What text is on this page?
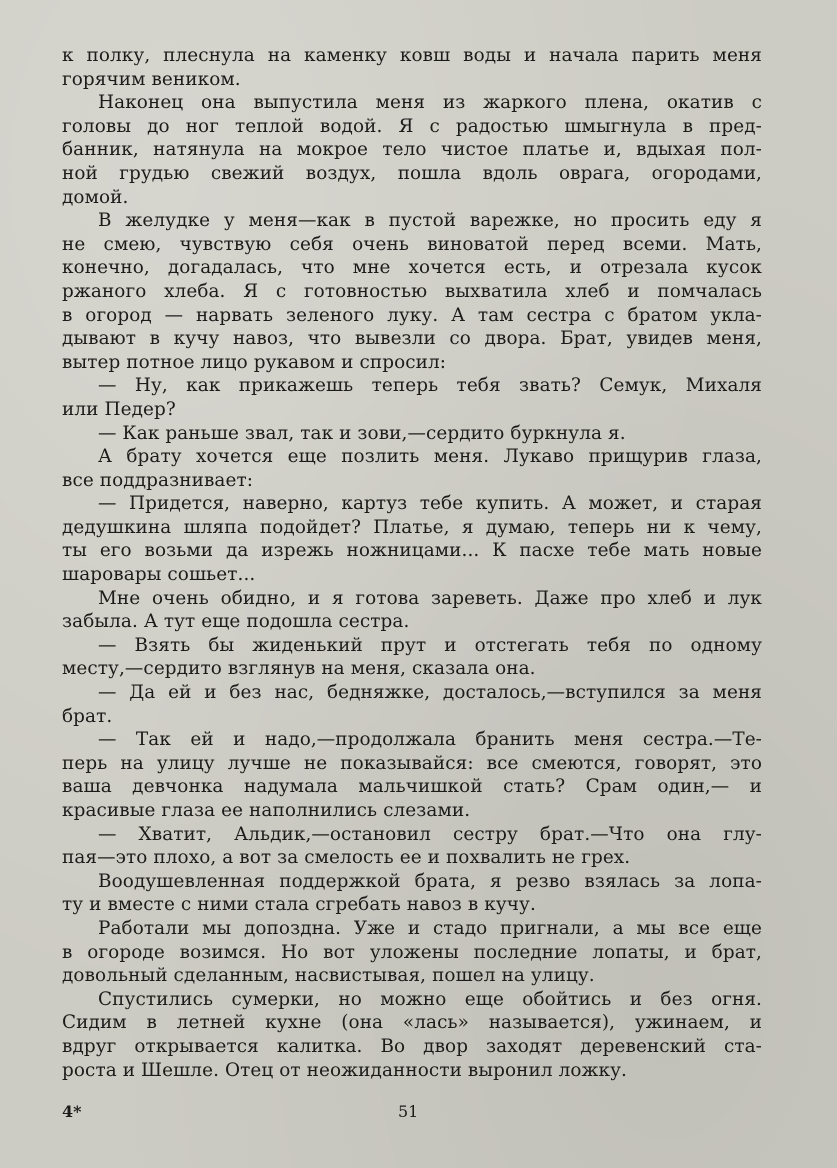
к полку, плеснула на каменку ковш воды и начала парить меня
горячим веником.
Наконец она выпустила меня из жаркого плена, окатив с
головы до ног теплой водой. Я с радостью шмыгнула в пред-
банник, натянула на мокрое тело чистое платье и, вдыхая пол-
ной грудью свежий воздух, пошла вдоль оврага, огородами,
домой.
В желудке у меня—как в пустой варежке, но просить еду я
не смею, чувствую себя очень виноватой перед всеми. Мать,
конечно, догадалась, что мне хочется есть, и отрезала кусок
ржаного хлеба. Я с готовностью выхватила хлеб и помчалась
в огород — нарвать зеленого луку. А там сестра с братом укла-
дывают в кучу навоз, что вывезли со двора. Брат, увидев меня,
вытер потное лицо рукавом и спросил:
— Ну, как прикажешь теперь тебя звать? Семук, Михаля
или Педер?
— Как раньше звал, так и зови,—сердито буркнула я.
А брату хочется еще позлить меня. Лукаво прищурив глаза,
все поддразнивает:
— Придется, наверно, картуз тебе купить. А может, и старая
дедушкина шляпа подойдет? Платье, я думаю, теперь ни к чему,
ты его возьми да изрежь ножницами... К пасхе тебе мать новые
шаровары сошьет...
Мне очень обидно, и я готова зареветь. Даже про хлеб и лук
забыла. А тут еще подошла сестра.
— Взять бы жиденький прут и отстегать тебя по одному
месту,—сердито взглянув на меня, сказала она.
— Да ей и без нас, бедняжке, досталось,—вступился за меня
брат.
— Так ей и надо,—продолжала бранить меня сестра.—Те-
перь на улицу лучше не показывайся: все смеются, говорят, это
ваша девчонка надумала мальчишкой стать? Срам один,— и
красивые глаза ее наполнились слезами.
— Хватит, Альдик,—остановил сестру брат.—Что она глу-
пая—это плохо, а вот за смелость ее и похвалить не грех.
Воодушевленная поддержкой брата, я резво взялась за лопа-
ту и вместе с ними стала сгребать навоз в кучу.
Работали мы допоздна. Уже и стадо пригнали, а мы все еще
в огороде возимся. Но вот уложены последние лопаты, и брат,
довольный сделанным, насвистывая, пошел на улицу.
Спустились сумерки, но можно еще обойтись и без огня.
Сидим в летней кухне (она «лась» называется), ужинаем, и
вдруг открывается калитка. Во двор заходят деревенский ста-
роста и Шешле. Отец от неожиданности выронил ложку.
4*	51
